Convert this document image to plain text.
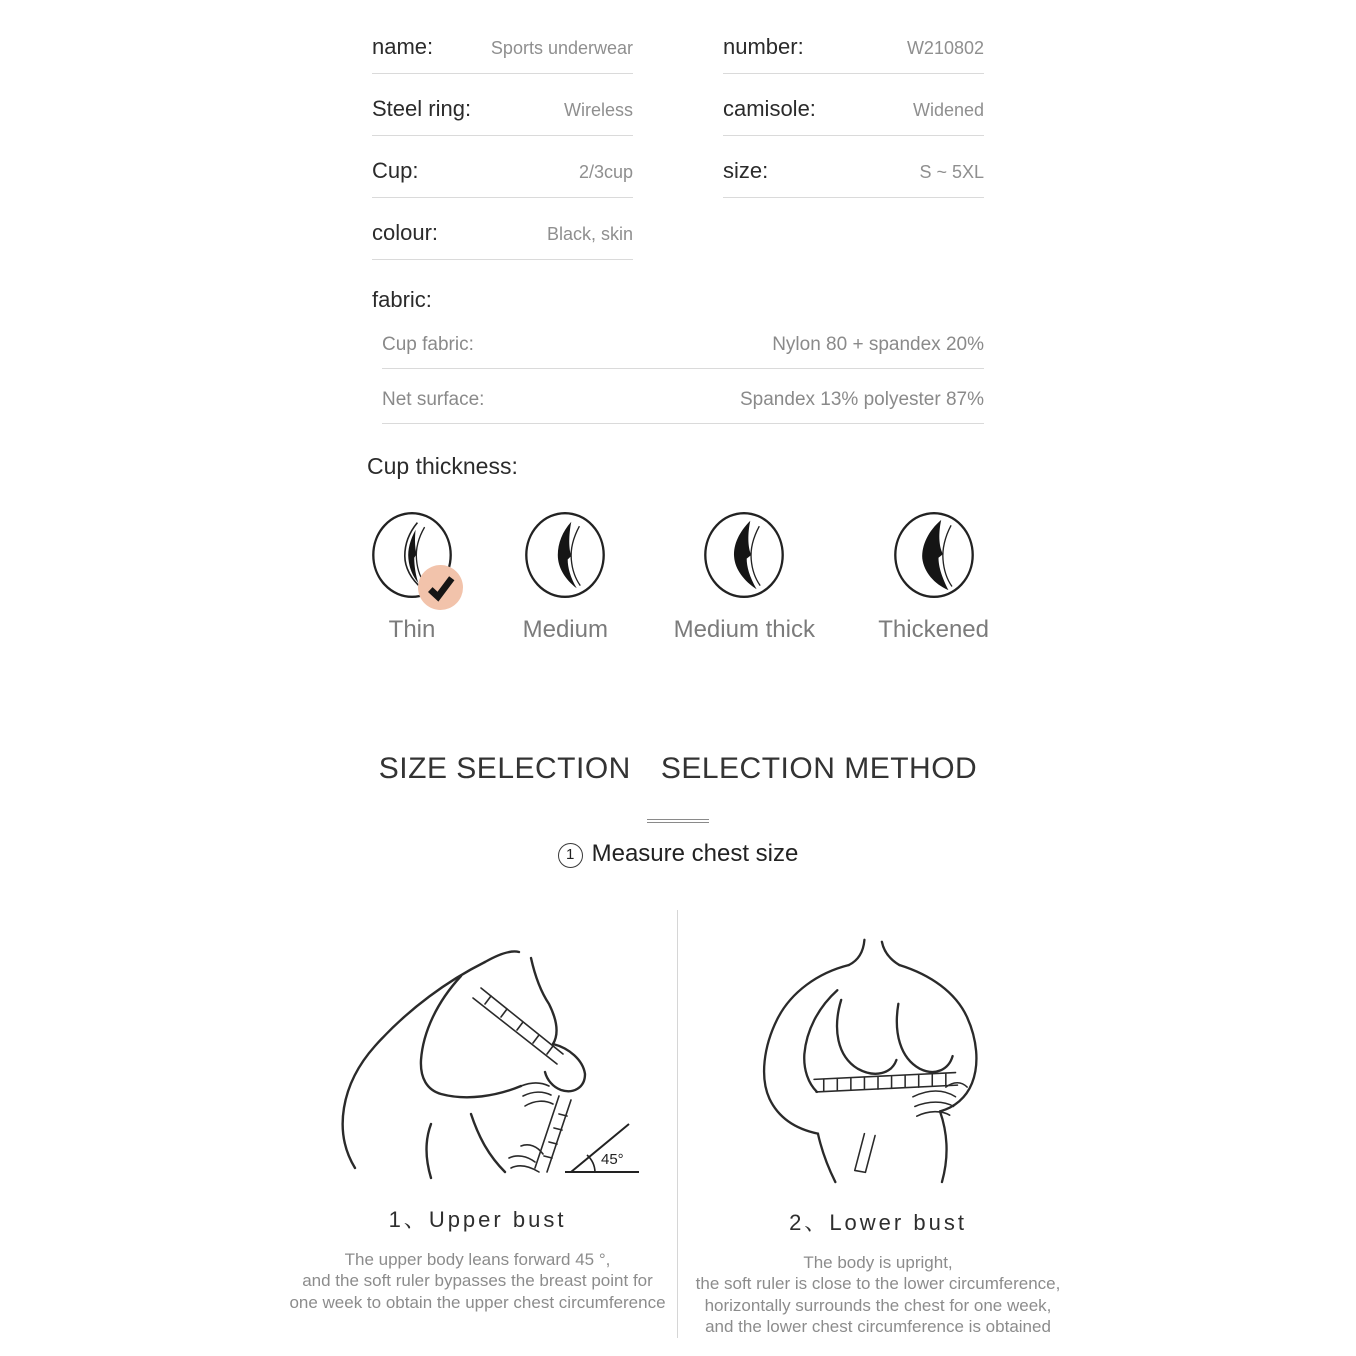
name:	Sports underwear
Steel ring:	Wireless
Cup:	2/3cup
colour:	Black, skin
number:	W210802
camisole:	Widened
size:	S ~ 5XL
fabric:
Cup fabric:	Nylon 80 + spandex 20%
Net surface:	Spandex 13% polyester 87%
Cup thickness:
Thin	Medium	Medium thick	Thickened
SIZE SELECTION SELECTION METHOD
1 Measure chest size
45°
1、Upper bust
The upper body leans forward 45 °,
and the soft ruler bypasses the breast point for
one week to obtain the upper chest circumference
2、Lower bust
The body is upright,
the soft ruler is close to the lower circumference,
horizontally surrounds the chest for one week,
and the lower chest circumference is obtained
